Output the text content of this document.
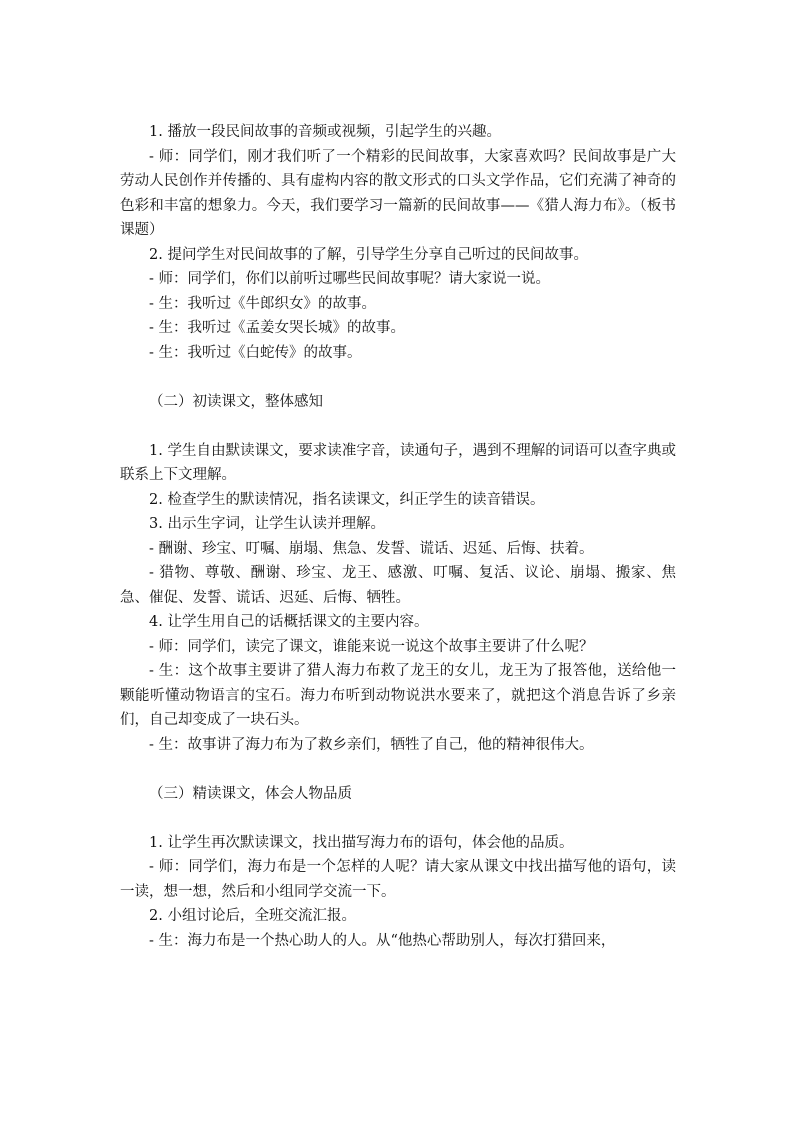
1. 播放一段民间故事的音频或视频，引起学生的兴趣。

- 师：同学们，刚才我们听了一个精彩的民间故事，大家喜欢吗？民间故事是广大劳动人民创作并传播的、具有虚构内容的散文形式的口头文学作品，它们充满了神奇的色彩和丰富的想象力。今天，我们要学习一篇新的民间故事——《猎人海力布》。（板书课题）

2. 提问学生对民间故事的了解，引导学生分享自己听过的民间故事。

- 师：同学们，你们以前听过哪些民间故事呢？请大家说一说。

- 生：我听过《牛郎织女》的故事。

- 生：我听过《孟姜女哭长城》的故事。

- 生：我听过《白蛇传》的故事。

（二）初读课文，整体感知

1. 学生自由默读课文，要求读准字音，读通句子，遇到不理解的词语可以查字典或联系上下文理解。

2. 检查学生的默读情况，指名读课文，纠正学生的读音错误。

3. 出示生字词，让学生认读并理解。

- 酬谢、珍宝、叮嘱、崩塌、焦急、发誓、谎话、迟延、后悔、扶着。

- 猎物、尊敬、酬谢、珍宝、龙王、感激、叮嘱、复活、议论、崩塌、搬家、焦急、催促、发誓、谎话、迟延、后悔、牺牲。

4. 让学生用自己的话概括课文的主要内容。

- 师：同学们，读完了课文，谁能来说一说这个故事主要讲了什么呢？

- 生：这个故事主要讲了猎人海力布救了龙王的女儿，龙王为了报答他，送给他一颗能听懂动物语言的宝石。海力布听到动物说洪水要来了，就把这个消息告诉了乡亲们，自己却变成了一块石头。

- 生：故事讲了海力布为了救乡亲们，牺牲了自己，他的精神很伟大。

（三）精读课文，体会人物品质

1. 让学生再次默读课文，找出描写海力布的语句，体会他的品质。

- 师：同学们，海力布是一个怎样的人呢？请大家从课文中找出描写他的语句，读一读，想一想，然后和小组同学交流一下。

2. 小组讨论后，全班交流汇报。

- 生：海力布是一个热心助人的人。从“他热心帮助别人，每次打猎回来，
